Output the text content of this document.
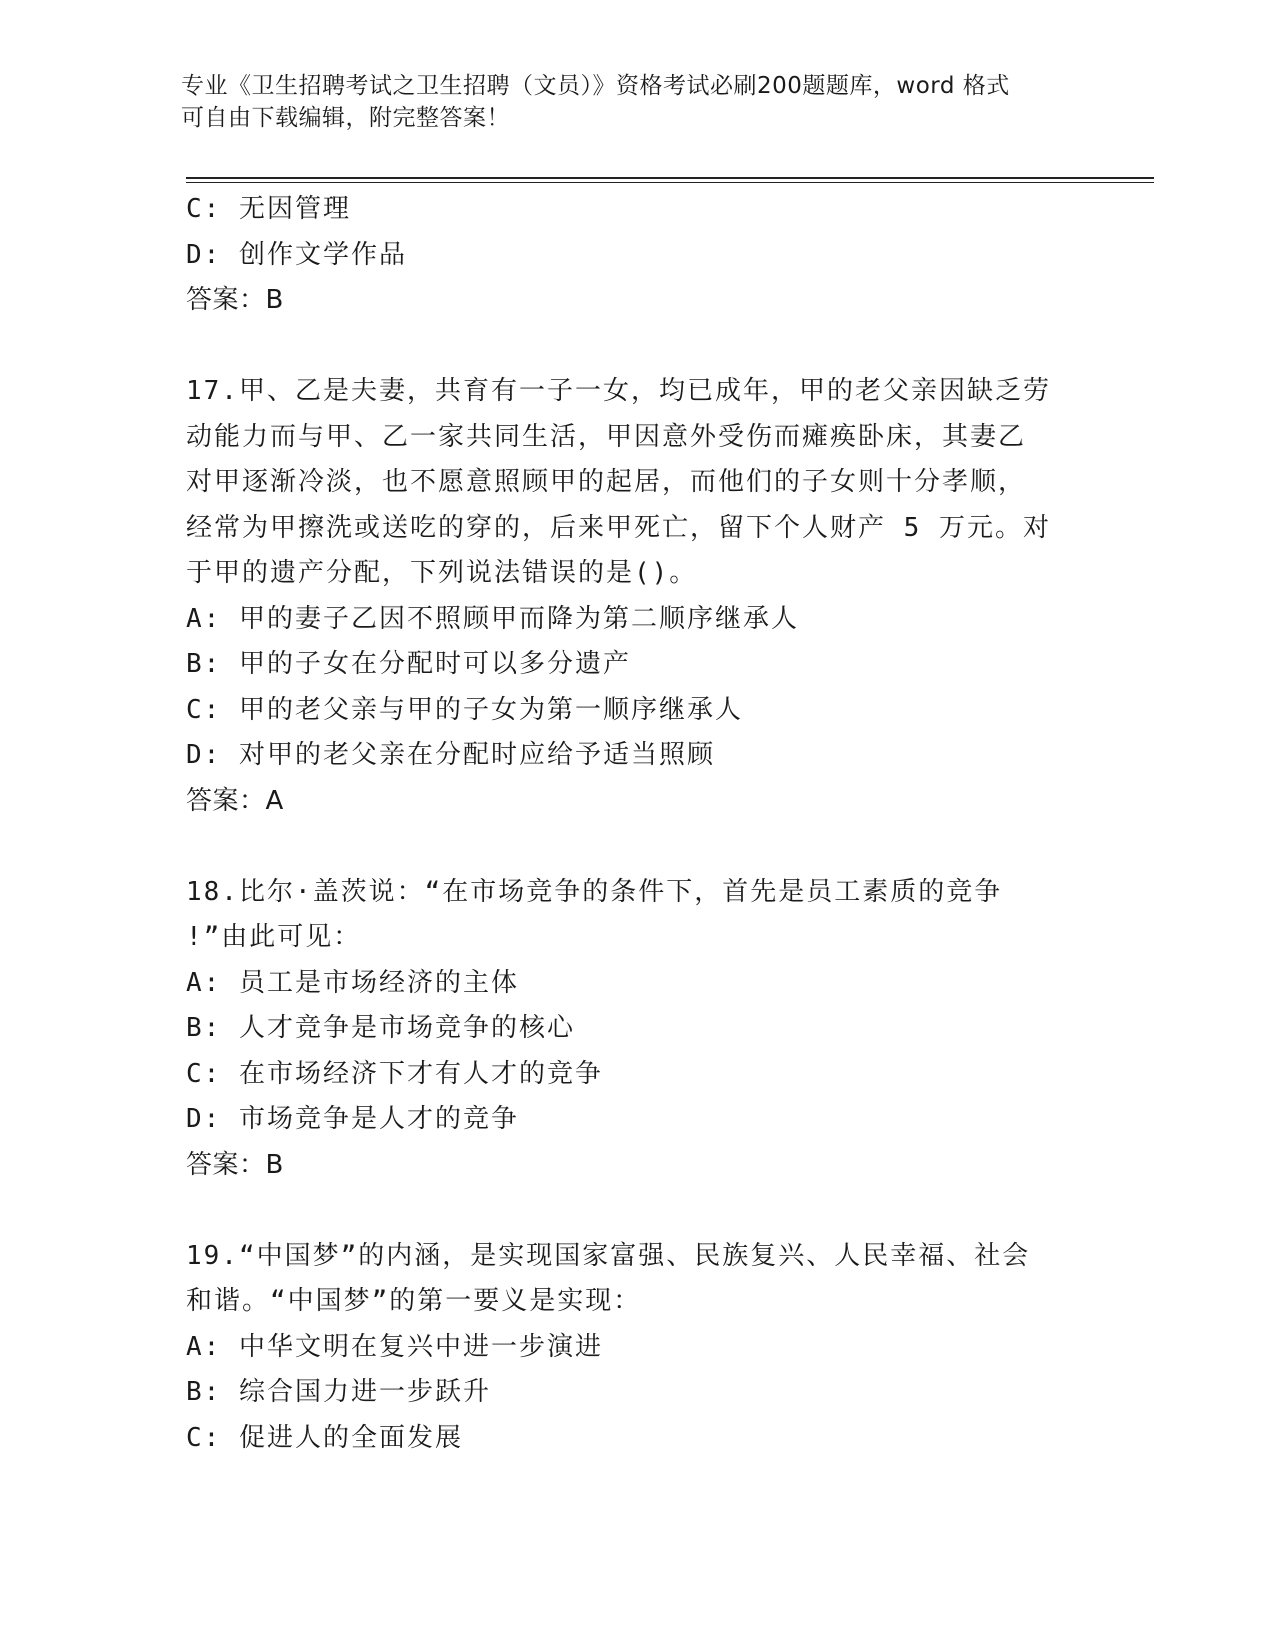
专业《卫生招聘考试之卫生招聘（文员）》资格考试必刷200题题库，word 格式
可自由下载编辑，附完整答案！
C: 无因管理
D: 创作文学作品
答案：B
17.甲、乙是夫妻，共育有一子一女，均已成年，甲的老父亲因缺乏劳
动能力而与甲、乙一家共同生活，甲因意外受伤而瘫痪卧床，其妻乙
对甲逐渐冷淡，也不愿意照顾甲的起居，而他们的子女则十分孝顺，
经常为甲擦洗或送吃的穿的，后来甲死亡，留下个人财产 5 万元。对
于甲的遗产分配，下列说法错误的是()。
A: 甲的妻子乙因不照顾甲而降为第二顺序继承人
B: 甲的子女在分配时可以多分遗产
C: 甲的老父亲与甲的子女为第一顺序继承人
D: 对甲的老父亲在分配时应给予适当照顾
答案：A
18.比尔·盖茨说：“在市场竞争的条件下，首先是员工素质的竞争
!”由此可见：
A: 员工是市场经济的主体
B: 人才竞争是市场竞争的核心
C: 在市场经济下才有人才的竞争
D: 市场竞争是人才的竞争
答案：B
19.“中国梦”的内涵，是实现国家富强、民族复兴、人民幸福、社会
和谐。“中国梦”的第一要义是实现：
A: 中华文明在复兴中进一步演进
B: 综合国力进一步跃升
C: 促进人的全面发展
